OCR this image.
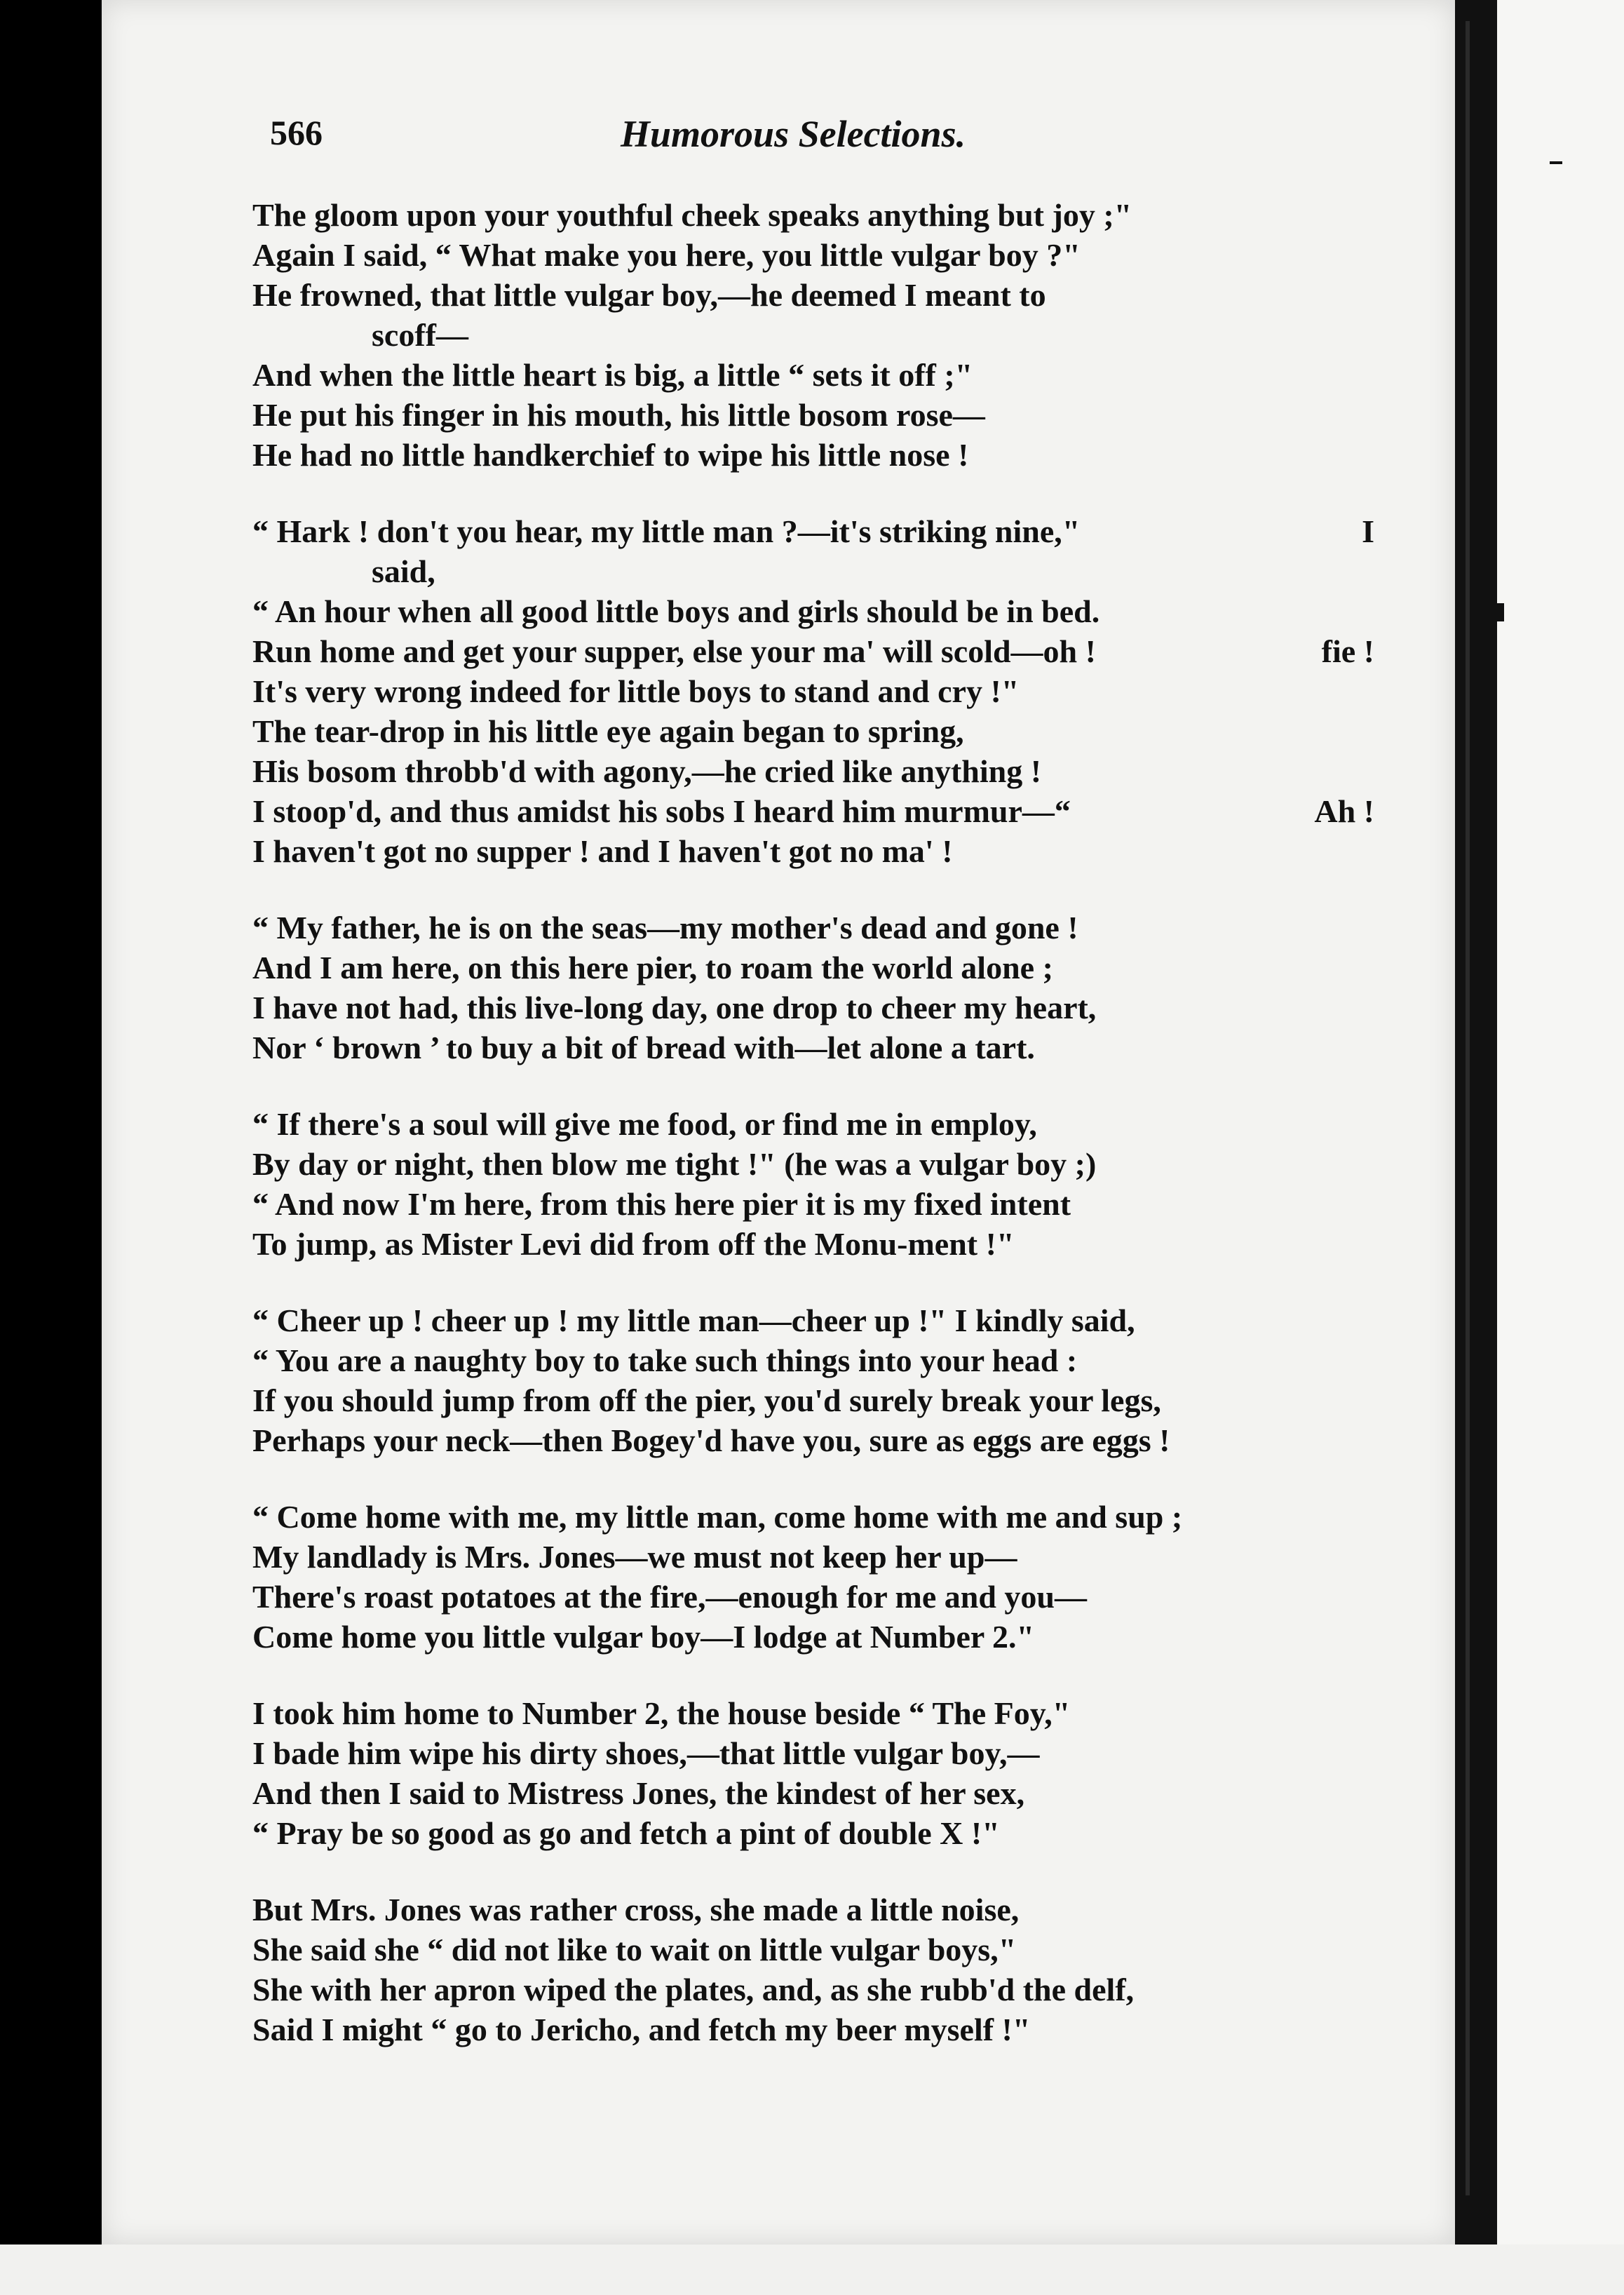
566	Humorous Selections.
The gloom upon your youthful cheek speaks anything but joy ;"
Again I said, “ What make you here, you little vulgar boy ?"
He frowned, that little vulgar boy,—he deemed I meant to
scoff—
And when the little heart is big, a little “ sets it off ;"
He put his finger in his mouth, his little bosom rose—
He had no little handkerchief to wipe his little nose !
“ Hark ! don't you hear, my little man ?—it's striking nine,"	I
said,
“ An hour when all good little boys and girls should be in bed.
Run home and get your supper, else your ma' will scold—oh !	fie !
It's very wrong indeed for little boys to stand and cry !"
The tear-drop in his little eye again began to spring,
His bosom throbb'd with agony,—he cried like anything !
I stoop'd, and thus amidst his sobs I heard him murmur—“	Ah !
I haven't got no supper ! and I haven't got no ma' !
“ My father, he is on the seas—my mother's dead and gone !
And I am here, on this here pier, to roam the world alone ;
I have not had, this live-long day, one drop to cheer my heart,
Nor ‘ brown ’ to buy a bit of bread with—let alone a tart.
“ If there's a soul will give me food, or find me in employ,
By day or night, then blow me tight !" (he was a vulgar boy ;)
“ And now I'm here, from this here pier it is my fixed intent
To jump, as Mister Levi did from off the Monu-ment !"
“ Cheer up ! cheer up ! my little man—cheer up !" I kindly said,
“ You are a naughty boy to take such things into your head :
If you should jump from off the pier, you'd surely break your legs,
Perhaps your neck—then Bogey'd have you, sure as eggs are eggs !
“ Come home with me, my little man, come home with me and sup ;
My landlady is Mrs. Jones—we must not keep her up—
There's roast potatoes at the fire,—enough for me and you—
Come home you little vulgar boy—I lodge at Number 2."
I took him home to Number 2, the house beside “ The Foy,"
I bade him wipe his dirty shoes,—that little vulgar boy,—
And then I said to Mistress Jones, the kindest of her sex,
“ Pray be so good as go and fetch a pint of double X !"
But Mrs. Jones was rather cross, she made a little noise,
She said she “ did not like to wait on little vulgar boys,"
She with her apron wiped the plates, and, as she rubb'd the delf,
Said I might “ go to Jericho, and fetch my beer myself !"
